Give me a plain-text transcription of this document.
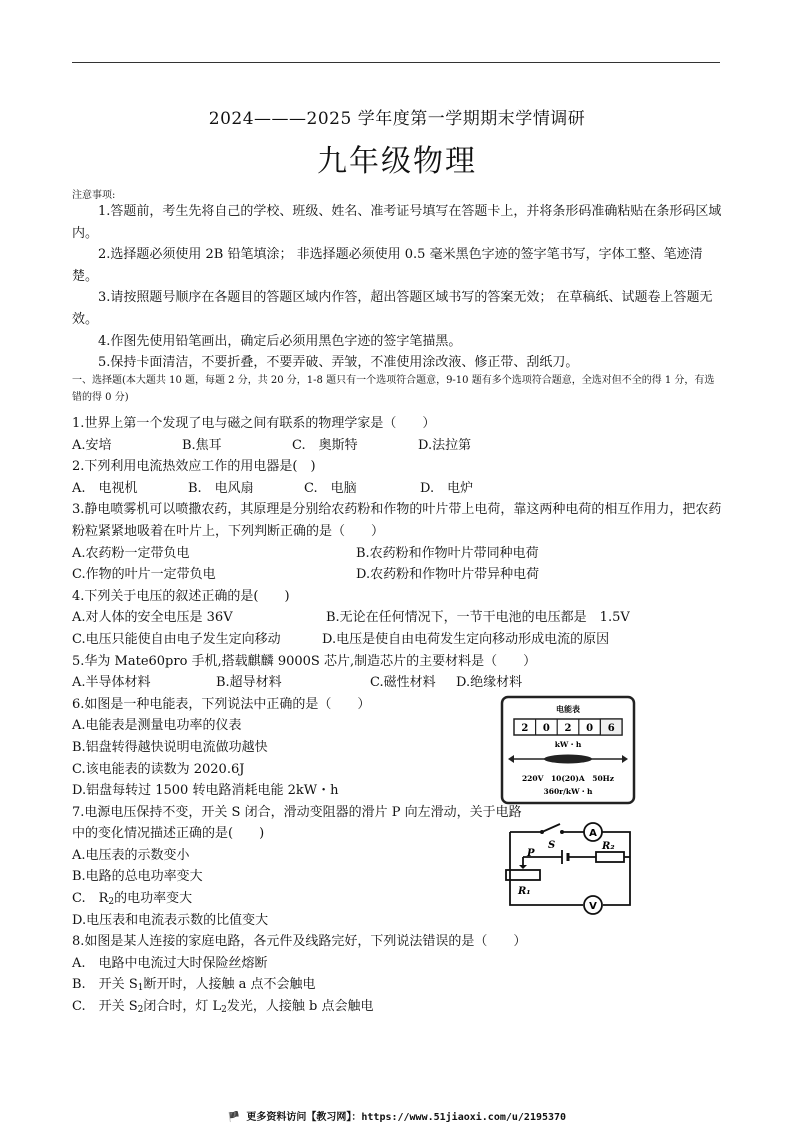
2024———2025 学年度第一学期期末学情调研
九年级物理
注意事项:
1.答题前，考生先将自己的学校、班级、姓名、准考证号填写在答题卡上，并将条形码准确粘贴在条形码区域内。
2.选择题必须使用 2B 铅笔填涂； 非选择题必须使用 0.5 毫米黑色字迹的签字笔书写，字体工整、笔迹清楚。
3.请按照题号顺序在各题目的答题区域内作答，超出答题区域书写的答案无效； 在草稿纸、试题卷上答题无效。
4.作图先使用铅笔画出，确定后必须用黑色字迹的签字笔描黑。
5.保持卡面清洁，不要折叠，不要弄破、弄皱，不准使用涂改液、修正带、刮纸刀。
一、选择题(本大题共 10 题，每题 2 分，共 20 分，1-8 题只有一个选项符合题意，9-10 题有多个选项符合题意，全选对但不全的得 1 分，有选错的得 0 分)
1.世界上第一个发现了电与磁之间有联系的物理学家是（　　）
A.安培	B.焦耳	C.　奥斯特	D.法拉第
2.下列利用电流热效应工作的用电器是(　)
A.　电视机	B.　电风扇	C.　电脑	D.　电炉
3.静电喷雾机可以喷撒农药，其原理是分别给农药粉和作物的叶片带上电荷，靠这两种电荷的相互作用力，把农药粉粒紧紧地吸着在叶片上，下列判断正确的是（　　）
A.农药粉一定带负电	B.农药粉和作物叶片带同种电荷
C.作物的叶片一定带负电	D.农药粉和作物叶片带异种电荷
4.下列关于电压的叙述正确的是(　　)
A.对人体的安全电压是 36V	B.无论在任何情况下，一节干电池的电压都是　1.5V
C.电压只能使自由电子发生定向移动	D.电压是使自由电荷发生定向移动形成电流的原因
5.华为 Mate60pro 手机,搭载麒麟 9000S 芯片,制造芯片的主要材料是（　　）
A.半导体材料	B.超导材料	C.磁性材料	D.绝缘材料
6.如图是一种电能表，下列说法中正确的是（　　）
A.电能表是测量电功率的仪表
B.铝盘转得越快说明电流做功越快
C.该电能表的读数为 2020.6J
D.铝盘每转过 1500 转电路消耗电能 2kW・h
7.电源电压保持不变，开关 S 闭合，滑动变阻器的滑片 P 向左滑动，关于电路
中的变化情况描述正确的是(　　)
A.电压表的示数变小
B.电路的总电功率变大
C.　$R_2$的电功率变大
D.电压表和电流表示数的比值变大
8.如图是某人连接的家庭电路，各元件及线路完好，下列说法错误的是（　　）
A.　电路中电流过大时保险丝熔断
B.　开关 $S_1$断开时，人接触 a 点不会触电
C.　开关 $S_2$闭合时，灯 $L_2$发光，人接触 b 点会触电
电能表
2 0 2 0 6
kW・h
220V　10(20)A　50Hz
360r/kW・h
A
V
S
P
R₁
R₂
🏴 更多资料访问【教习网】：https://www.51jiaoxi.com/u/2195370
